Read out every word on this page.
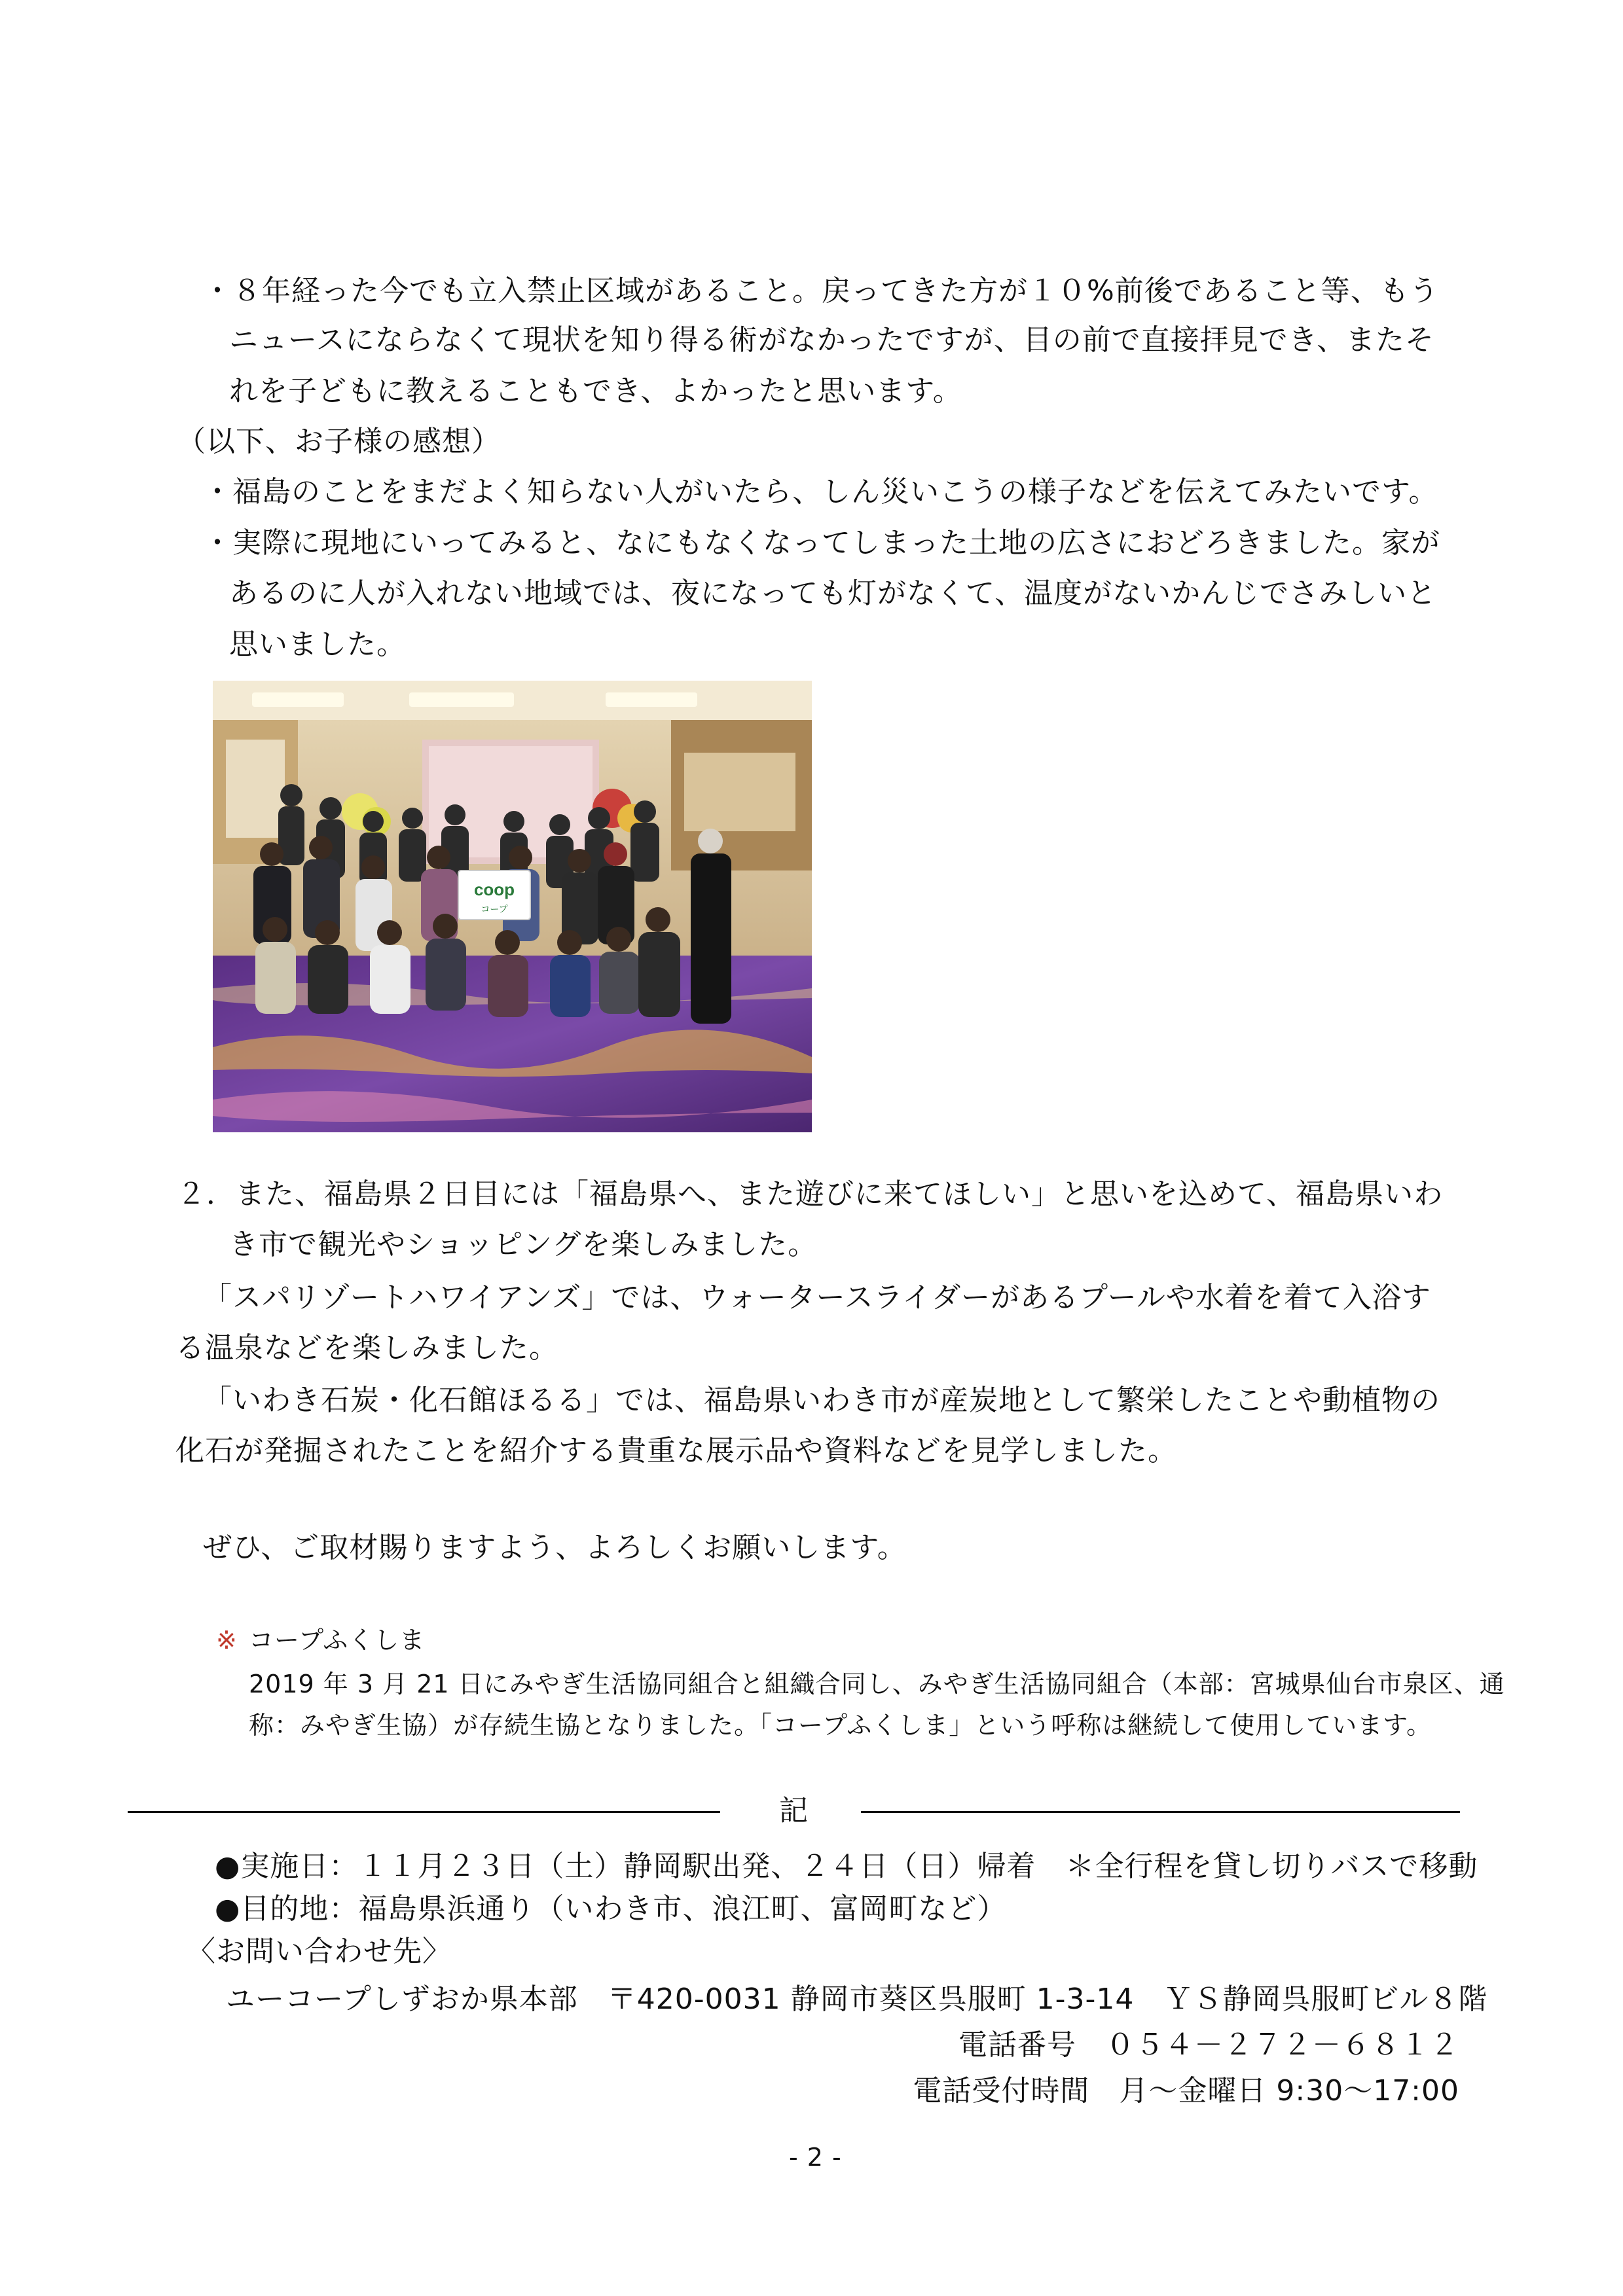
・８年経った今でも立入禁止区域があること。戻ってきた方が１０%前後であること等、もう
ニュースにならなくて現状を知り得る術がなかったですが、目の前で直接拝見でき、またそ
れを子どもに教えることもでき、よかったと思います。
（以下、お子様の感想）
・福島のことをまだよく知らない人がいたら、しん災いこうの様子などを伝えてみたいです。
・実際に現地にいってみると、なにもなくなってしまった土地の広さにおどろきました。家が
あるのに人が入れない地域では、夜になっても灯がなくて、温度がないかんじでさみしいと
思いました。
coop
コープ
２．また、福島県２日目には「福島県へ、また遊びに来てほしい」と思いを込めて、福島県いわ
き市で観光やショッピングを楽しみました。
「スパリゾートハワイアンズ」では、ウォータースライダーがあるプールや水着を着て入浴す
る温泉などを楽しみました。
「いわき石炭・化石館ほるる」では、福島県いわき市が産炭地として繁栄したことや動植物の
化石が発掘されたことを紹介する貴重な展示品や資料などを見学しました。
ぜひ、ご取材賜りますよう、よろしくお願いします。
※ コープふくしま
2019 年 3 月 21 日にみやぎ生活協同組合と組織合同し、みやぎ生活協同組合（本部：宮城県仙台市泉区、通
称：みやぎ生協）が存続生協となりました。「コープふくしま」という呼称は継続して使用しています。
記
●実施日：１１月２３日（土）静岡駅出発、２４日（日）帰着　＊全行程を貸し切りバスで移動
●目的地：福島県浜通り（いわき市、浪江町、富岡町など）
〈お問い合わせ先〉
ユーコープしずおか県本部　〒420-0031 静岡市葵区呉服町 1-3-14　ＹＳ静岡呉服町ビル８階
電話番号　０５４－２７２－６８１２
電話受付時間　月～金曜日 9:30～17:00
- 2 -
